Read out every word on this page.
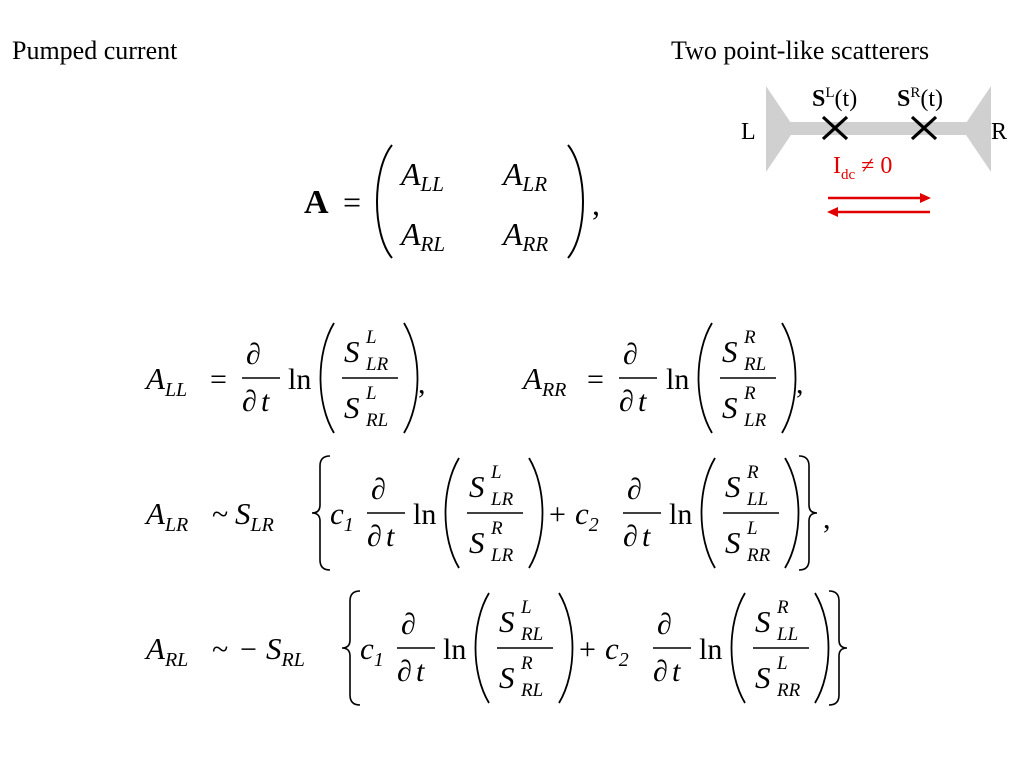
Pumped current	Two point-like scatterers
L	R
$S^L(t)$ $S^R(t)$
$I_{dc} \ne 0$
A =
ALL ALR
ARL ARR
,
$A_{LL}$ =
∂
∂ t
ln
S L
LR
S L
RL
,	$A_{RR}$ =
∂
∂ t
ln
S R
RL
S R
LR
,
$A_{LR}$ ~ $S_{LR}$ $c_1$
∂
∂ t
ln
S L
LR
S R
LR
+ $c_2$
∂
∂ t
ln
S R
LL
S L
RR
,
$A_{RL}$ ~ − $S_{RL}$ $c_1$
∂
∂ t
ln
S L
RL
S R
RL
+ $c_2$
∂
∂ t
ln
S R
LL
S L
RR
